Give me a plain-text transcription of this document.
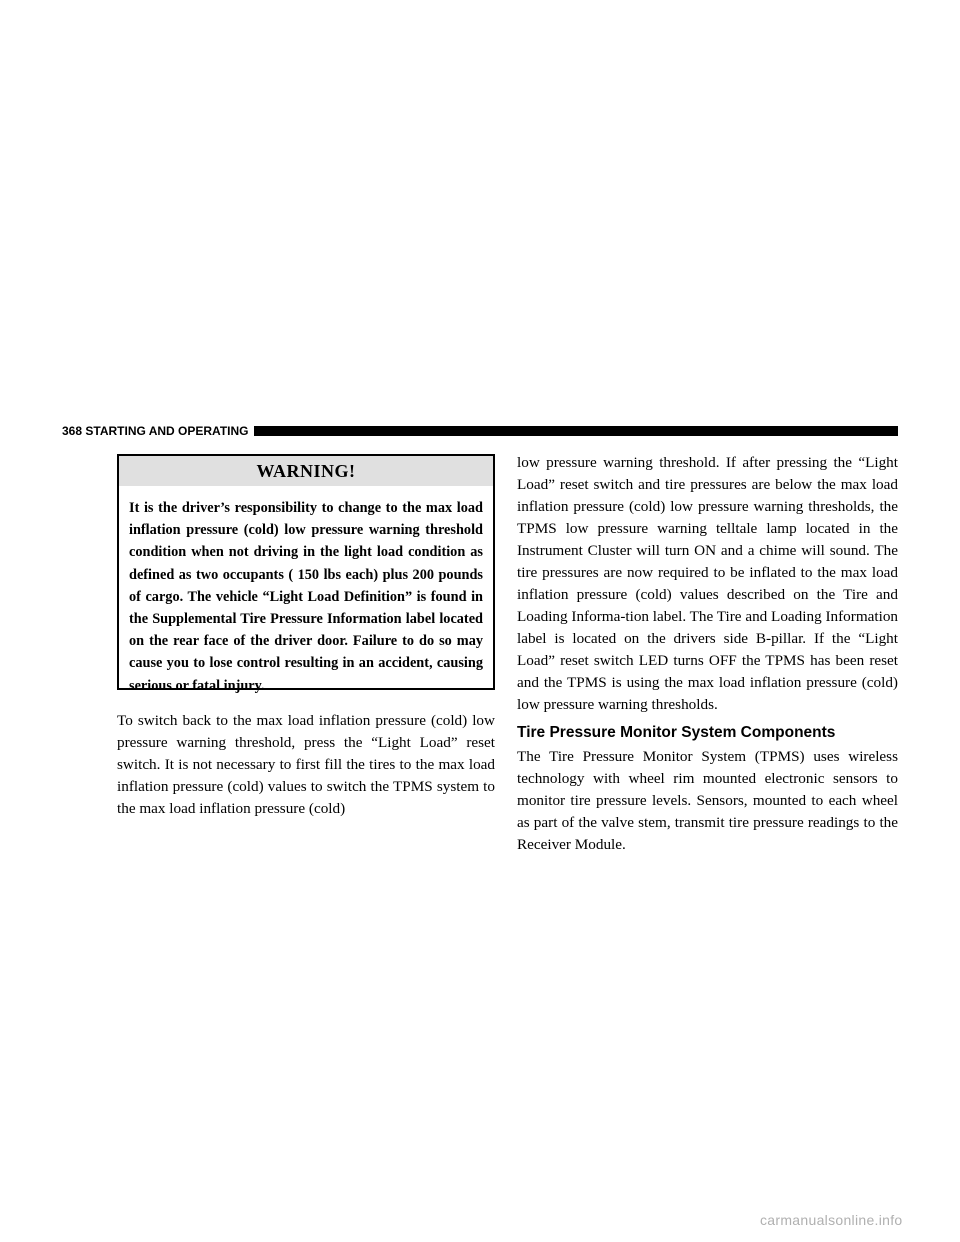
368 STARTING AND OPERATING
WARNING!

It is the driver’s responsibility to change to the max load inflation pressure (cold) low pressure warning threshold condition when not driving in the light load condition as defined as two occupants ( 150 lbs each) plus 200 pounds of cargo. The vehicle “Light Load Definition” is found in the Supplemental Tire Pressure Information label located on the rear face of the driver door. Failure to do so may cause you to lose control resulting in an accident, causing serious or fatal injury.

To switch back to the max load inflation pressure (cold) low pressure warning threshold, press the “Light Load” reset switch. It is not necessary to first fill the tires to the max load inflation pressure (cold) values to switch the TPMS system to the max load inflation pressure (cold)

low pressure warning threshold. If after pressing the “Light Load” reset switch and tire pressures are below the max load inflation pressure (cold) low pressure warning thresholds, the TPMS low pressure warning telltale lamp located in the Instrument Cluster will turn ON and a chime will sound. The tire pressures are now required to be inflated to the max load inflation pressure (cold) values described on the Tire and Loading Informa-tion label. The Tire and Loading Information label is located on the drivers side B-pillar. If the “Light Load” reset switch LED turns OFF the TPMS has been reset and the TPMS is using the max load inflation pressure (cold) low pressure warning thresholds.

Tire Pressure Monitor System Components

The Tire Pressure Monitor System (TPMS) uses wireless technology with wheel rim mounted electronic sensors to monitor tire pressure levels. Sensors, mounted to each wheel as part of the valve stem, transmit tire pressure readings to the Receiver Module.

carmanualsonline.info
